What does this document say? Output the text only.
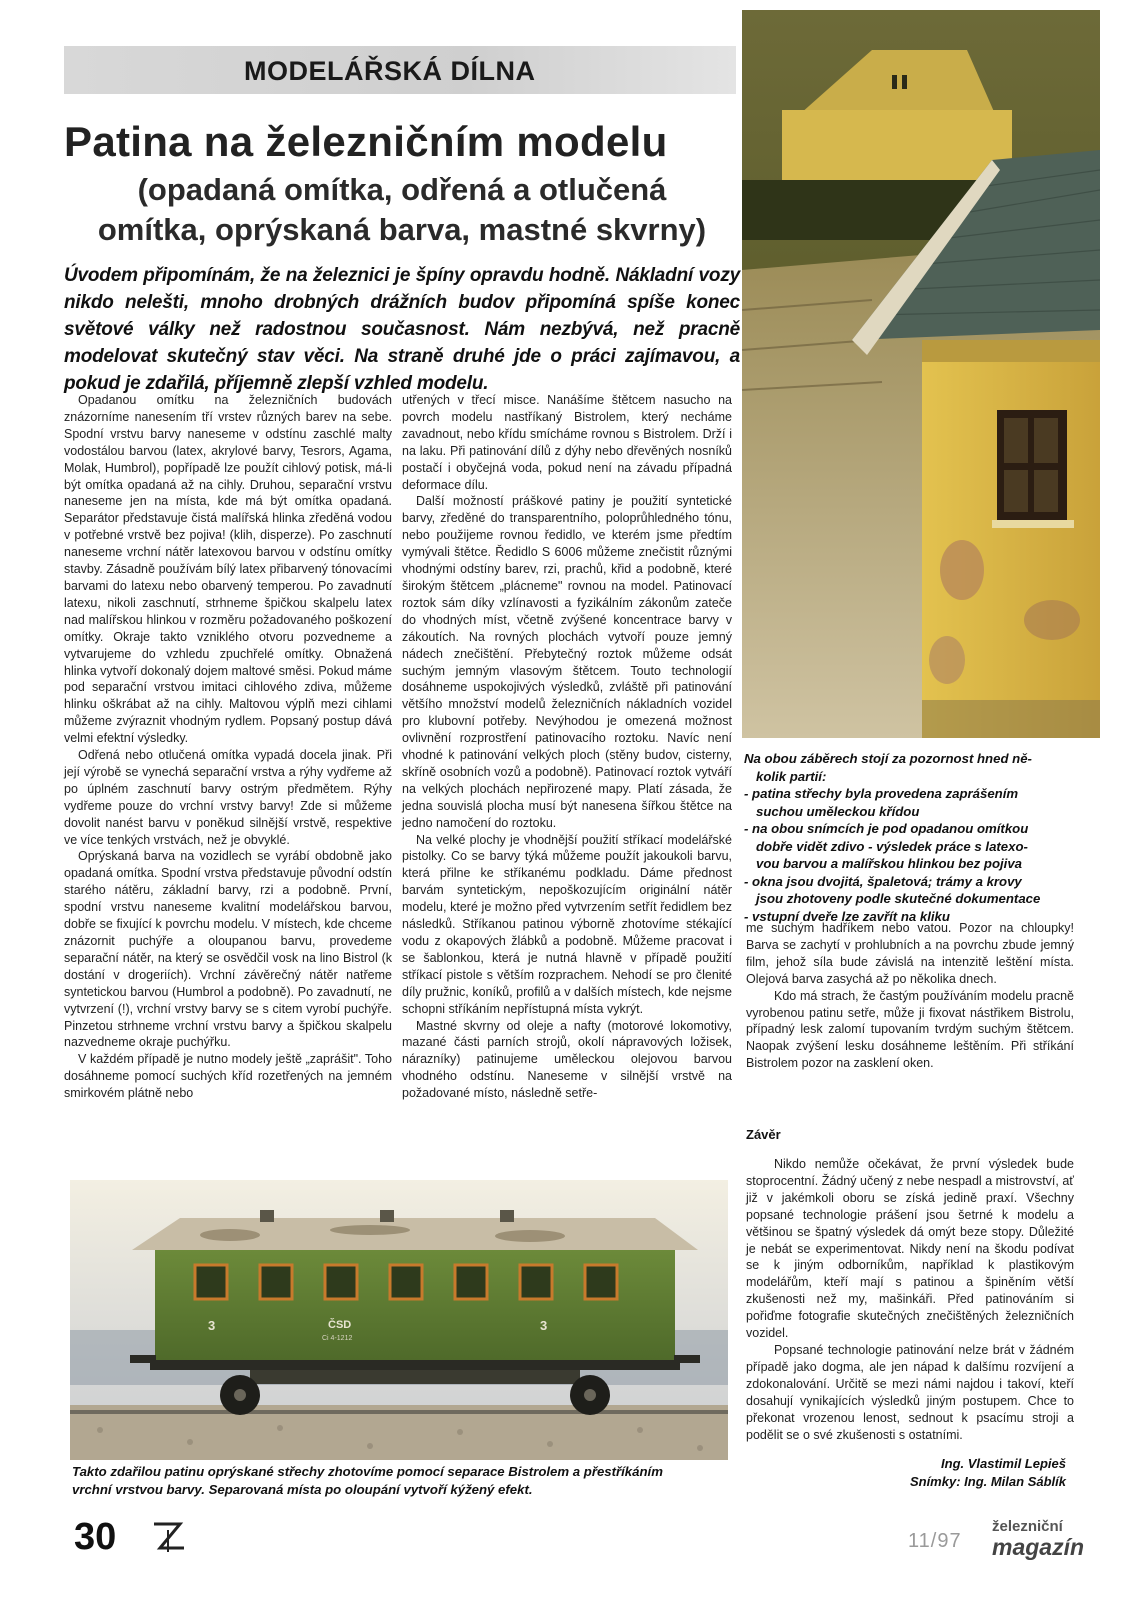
MODELÁŘSKÁ DÍLNA
Patina na železničním modelu
(opadaná omítka, odřená a otlučená
omítka, oprýskaná barva, mastné skvrny)
Úvodem připomínám, že na železnici je špíny opravdu hodně. Nákladní vozy nikdo nelešti, mnoho drobných drážních budov připomíná spíše konec světové války než radostnou současnost. Nám nezbývá, než pracně modelovat skutečný stav věci. Na straně druhé jde o práci zajímavou, a pokud je zdařilá, příjemně zlepší vzhled modelu.

Opadanou omítku na železničních budovách znázorníme nanesením tří vrstev různých barev na sebe. Spodní vrstvu barvy naneseme v odstínu zaschlé malty vodostálou barvou (latex, akrylové barvy, Tesrors, Agama, Molak, Humbrol), popřípadě lze použít cihlový potisk, má-li být omítka opadaná až na cihly. Druhou, separační vrstvu naneseme jen na místa, kde má být omítka opadaná. Separátor představuje čistá malířská hlinka zředěná vodou v potřebné vrstvě bez pojiva! (klih, disperze). Po zaschnutí naneseme vrchní nátěr latexovou barvou v odstínu omítky stavby. Zásadně používám bílý latex přibarvený tónovacími barvami do latexu nebo obarvený temperou. Po zavadnutí latexu, nikoli zaschnutí, strhneme špičkou skalpelu latex nad malířskou hlinkou v rozměru požadovaného poškození omítky. Okraje takto vzniklého otvoru pozvedneme a vytvarujeme do vzhledu zpuchřelé omítky. Obnažená hlinka vytvoří dokonalý dojem maltové směsi. Pokud máme pod separační vrstvou imitaci cihlového zdiva, můžeme hlinku oškrábat až na cihly. Maltovou výplň mezi cihlami můžeme zvýraznit vhodným rydlem. Popsaný postup dává velmi efektní výsledky.

Odřená nebo otlučená omítka vypadá docela jinak. Při její výrobě se vynechá separační vrstva a rýhy vydřeme až po úplném zaschnutí barvy ostrým předmětem. Rýhy vydřeme pouze do vrchní vrstvy barvy! Zde si můžeme dovolit nanést barvu v poněkud silnější vrstvě, respektive ve více tenkých vrstvách, než je obvyklé.

Oprýskaná barva na vozidlech se vyrábí obdobně jako opadaná omítka. Spodní vrstva představuje původní odstín starého nátěru, základní barvy, rzi a podobně. První, spodní vrstvu naneseme kvalitní modelářskou barvou, dobře se fixující k povrchu modelu. V místech, kde chceme znázornit puchýře a oloupanou barvu, provedeme separační nátěr, na který se osvědčil vosk na lino Bistrol (k dostání v drogeriích). Vrchní závěrečný nátěr natřeme syntetickou barvou (Humbrol a podobně). Po zavadnutí, ne vytvrzení (!), vrchní vrstvy barvy se s citem vyrobí puchýře. Pinzetou strhneme vrchní vrstvu barvy a špičkou skalpelu nazvedneme okraje puchýřku.

V každém případě je nutno modely ještě „zaprášit". Toho dosáhneme pomocí suchých kříd rozetřených na jemném smirkovém plátně nebo

utřených v třecí misce. Nanášíme štětcem nasucho na povrch modelu nastříkaný Bistrolem, který necháme zavadnout, nebo křídu smícháme rovnou s Bistrolem. Drží i na laku. Při patinování dílů z dýhy nebo dřevěných nosníků postačí i obyčejná voda, pokud není na závadu případná deformace dílu.

Další možností práškové patiny je použití syntetické barvy, zředěné do transparentního, poloprůhledného tónu, nebo použijeme rovnou ředidlo, ve kterém jsme předtím vymývali štětce. Ředidlo S 6006 můžeme znečistit různými vhodnými odstíny barev, rzi, prachů, křid a podobně, které širokým štětcem „plácneme" rovnou na model. Patinovací roztok sám díky vzlínavosti a fyzikálním zákonům zateče do vhodných míst, včetně zvýšené koncentrace barvy v zákoutích. Na rovných plochách vytvoří pouze jemný nádech znečištění. Přebytečný roztok můžeme odsát suchým jemným vlasovým štětcem. Touto technologií dosáhneme uspokojivých výsledků, zvláště při patinování většího množství modelů železničních nákladních vozidel pro klubovní potřeby. Nevýhodou je omezená možnost ovlivnění rozprostření patinovacího roztoku. Navíc není vhodné k patinování velkých ploch (stěny budov, cisterny, skříně osobních vozů a podobně). Patinovací roztok vytváří na velkých plochách nepřirozené mapy. Platí zásada, že jedna souvislá plocha musí být nanesena šířkou štětce na jedno namočení do roztoku.

Na velké plochy je vhodnější použití stříkací modelářské pistolky. Co se barvy týká můžeme použít jakoukoli barvu, která přilne ke stříkanému podkladu. Dáme přednost barvám syntetickým, nepoškozujícím originální nátěr modelu, které je možno před vytvrzením setřít ředidlem bez následků. Stříkanou patinou výborně zhotovíme stékající vodu z okapových žlábků a podobně. Můžeme pracovat i se šablonkou, která je nutná hlavně v případě použití stříkací pistole s větším rozprachem. Nehodí se pro členité díly pružnic, koníků, profilů a v dalších místech, kde nejsme schopni stříkáním nepřístupná místa vykrýt.

Mastné skvrny od oleje a nafty (motorové lokomotivy, mazané části parních strojů, okolí nápravových ložisek, nárazníky) patinujeme uměleckou olejovou barvou vhodného odstínu. Naneseme v silnější vrstvě na požadované místo, následně setře-

Na obou záběrech stojí za pozornost hned ně-
kolik partií:
- patina střechy byla provedena zaprášením
suchou uměleckou křídou
- na obou snímcích je pod opadanou omítkou
dobře vidět zdivo - výsledek práce s latexo-
vou barvou a malířskou hlinkou bez pojiva
- okna jsou dvojitá, špaletová; trámy a krovy
jsou zhotoveny podle skutečné dokumentace
- vstupní dveře lze zavřít na kliku

me suchým hadříkem nebo vatou. Pozor na chloupky! Barva se zachytí v prohlubních a na povrchu zbude jemný film, jehož síla bude závislá na intenzitě leštění místa. Olejová barva zasychá až po několika dnech.

Kdo má strach, že častým používáním modelu pracně vyrobenou patinu setře, může ji fixovat nástřikem Bistrolu, případný lesk zalomí tupovaním tvrdým suchým štětcem. Naopak zvýšení lesku dosáhneme leštěním. Při stříkání Bistrolem pozor na zasklení oken.

Závěr

Nikdo nemůže očekávat, že první výsledek bude stoprocentní. Žádný učený z nebe nespadl a mistrovství, ať již v jakémkoli oboru se získá jedině praxí. Všechny popsané technologie prášení jsou šetrné k modelu a většinou se špatný výsledek dá omýt beze stopy. Důležité je nebát se experimentovat. Nikdy není na škodu podívat se k jiným odborníkům, například k plastikovým modelářům, kteří mají s patinou a špiněním větší zkušenosti než my, mašinkáři. Před patinováním si pořiďme fotografie skutečných znečištěných železničních vozidel.

Popsané technologie patinování nelze brát v žádném případě jako dogma, ale jen nápad k dalšímu rozvíjení a zdokonalování. Určitě se mezi námi najdou i takoví, kteří dosahují vynikajících výsledků jiným postupem. Chce to překonat vrozenou lenost, sednout k psacímu stroji a podělit se o své zkušenosti s ostatními.

3	3
ČSD
Ci 4-1212
Takto zdařilou patinu oprýskané střechy zhotovíme pomocí separace Bistrolem a přestříkáním
vrchní vrstvou barvy. Separovaná místa po oloupání vytvoří kýžený efekt.
Ing. Vlastimil Lepieš
Snímky: Ing. Milan Sáblík
30	11/97
železniční
magazín
